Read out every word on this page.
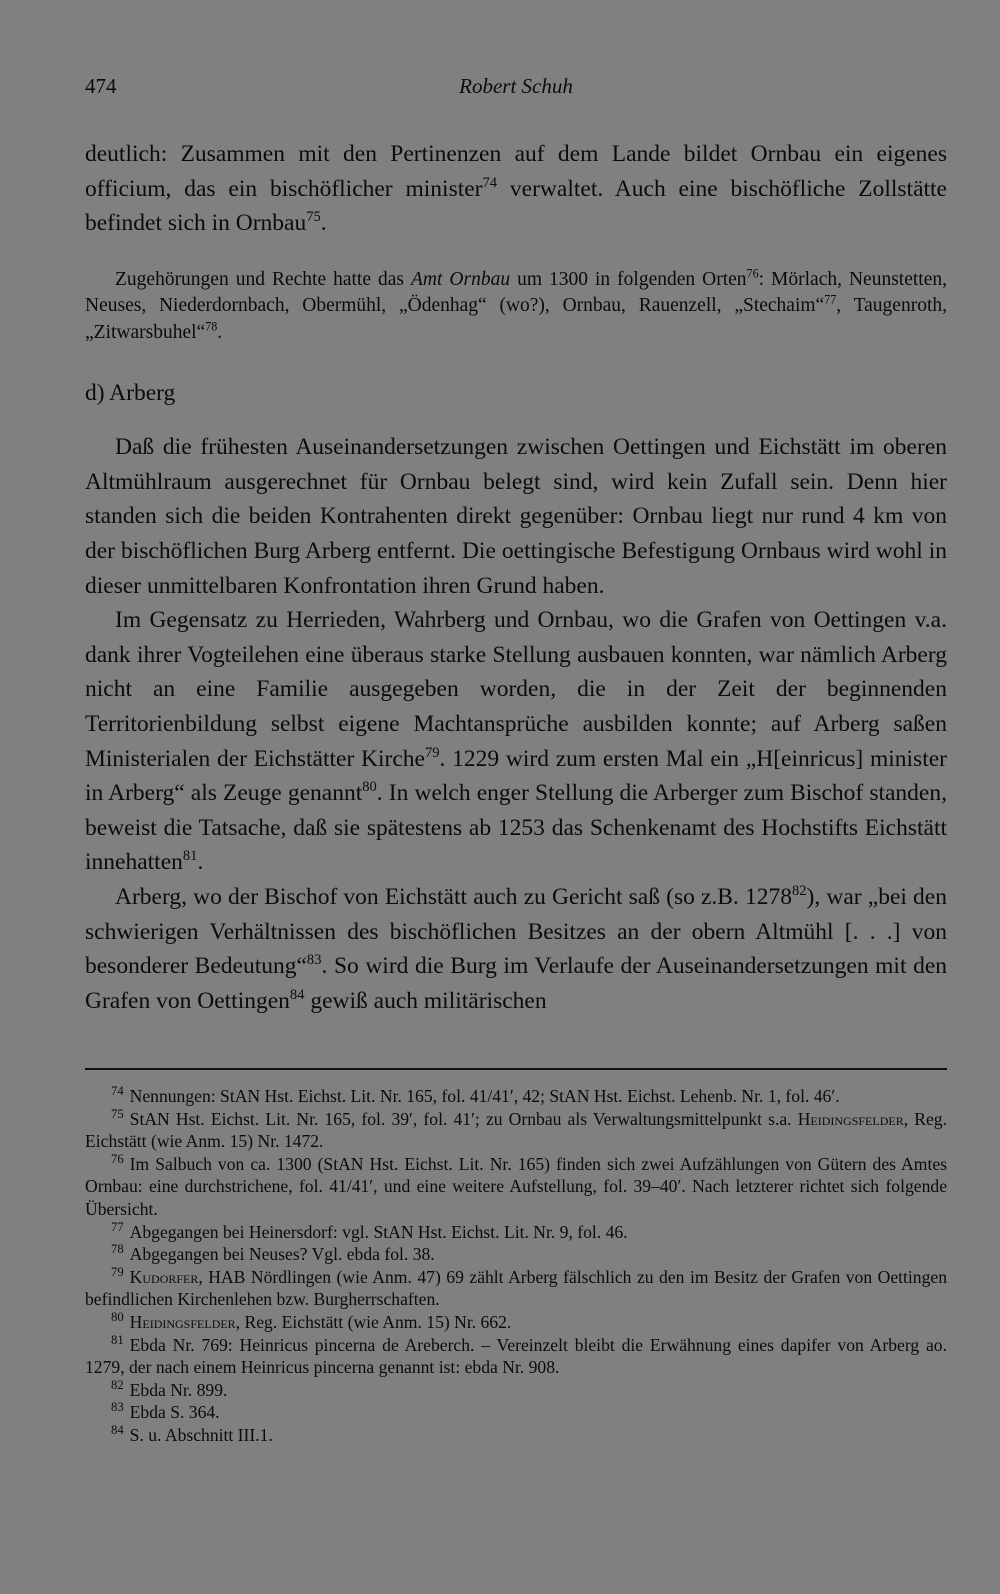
474	Robert Schuh

deutlich: Zusammen mit den Pertinenzen auf dem Lande bildet Ornbau ein eigenes officium, das ein bischöflicher minister$^{74}$ verwaltet. Auch eine bischöfliche Zollstätte befindet sich in Ornbau$^{75}$.

Zugehörungen und Rechte hatte das Amt Ornbau um 1300 in folgenden Orten$^{76}$: Mörlach, Neunstetten, Neuses, Niederdornbach, Obermühl, „Ödenhag“ (wo?), Ornbau, Rauenzell, „Stechaim“$^{77}$, Taugenroth, „Zitwarsbuhel“$^{78}$.

d) Arberg

Daß die frühesten Auseinandersetzungen zwischen Oettingen und Eichstätt im oberen Altmühlraum ausgerechnet für Ornbau belegt sind, wird kein Zufall sein. Denn hier standen sich die beiden Kontrahenten direkt gegenüber: Ornbau liegt nur rund 4 km von der bischöflichen Burg Arberg entfernt. Die oettingische Befestigung Ornbaus wird wohl in dieser unmittelbaren Konfrontation ihren Grund haben.

Im Gegensatz zu Herrieden, Wahrberg und Ornbau, wo die Grafen von Oettingen v.a. dank ihrer Vogteilehen eine überaus starke Stellung ausbauen konnten, war nämlich Arberg nicht an eine Familie ausgegeben worden, die in der Zeit der beginnenden Territorienbildung selbst eigene Machtansprüche ausbilden konnte; auf Arberg saßen Ministerialen der Eichstätter Kirche$^{79}$. 1229 wird zum ersten Mal ein „H[einricus] minister in Arberg“ als Zeuge genannt$^{80}$. In welch enger Stellung die Arberger zum Bischof standen, beweist die Tatsache, daß sie spätestens ab 1253 das Schenkenamt des Hochstifts Eichstätt innehatten$^{81}$.

Arberg, wo der Bischof von Eichstätt auch zu Gericht saß (so z.B. 1278$^{82}$), war „bei den schwierigen Verhältnissen des bischöflichen Besitzes an der obern Altmühl [. . .] von besonderer Bedeutung“$^{83}$. So wird die Burg im Verlaufe der Auseinandersetzungen mit den Grafen von Oettingen$^{84}$ gewiß auch militärischen

$^{74}$ Nennungen: StAN Hst. Eichst. Lit. Nr. 165, fol. 41/41′, 42; StAN Hst. Eichst. Lehenb. Nr. 1, fol. 46′.

$^{75}$ StAN Hst. Eichst. Lit. Nr. 165, fol. 39′, fol. 41′; zu Ornbau als Verwaltungsmittelpunkt s.a. Heidingsfelder, Reg. Eichstätt (wie Anm. 15) Nr. 1472.

$^{76}$ Im Salbuch von ca. 1300 (StAN Hst. Eichst. Lit. Nr. 165) finden sich zwei Aufzählungen von Gütern des Amtes Ornbau: eine durchstrichene, fol. 41/41′, und eine weitere Aufstellung, fol. 39–40′. Nach letzterer richtet sich folgende Übersicht.

$^{77}$ Abgegangen bei Heinersdorf: vgl. StAN Hst. Eichst. Lit. Nr. 9, fol. 46.

$^{78}$ Abgegangen bei Neuses? Vgl. ebda fol. 38.

$^{79}$ Kudorfer, HAB Nördlingen (wie Anm. 47) 69 zählt Arberg fälschlich zu den im Besitz der Grafen von Oettingen befindlichen Kirchenlehen bzw. Burgherrschaften.

$^{80}$ Heidingsfelder, Reg. Eichstätt (wie Anm. 15) Nr. 662.

$^{81}$ Ebda Nr. 769: Heinricus pincerna de Areberch. – Vereinzelt bleibt die Erwähnung eines dapifer von Arberg ao. 1279, der nach einem Heinricus pincerna genannt ist: ebda Nr. 908.

$^{82}$ Ebda Nr. 899.

$^{83}$ Ebda S. 364.

$^{84}$ S. u. Abschnitt III.1.
